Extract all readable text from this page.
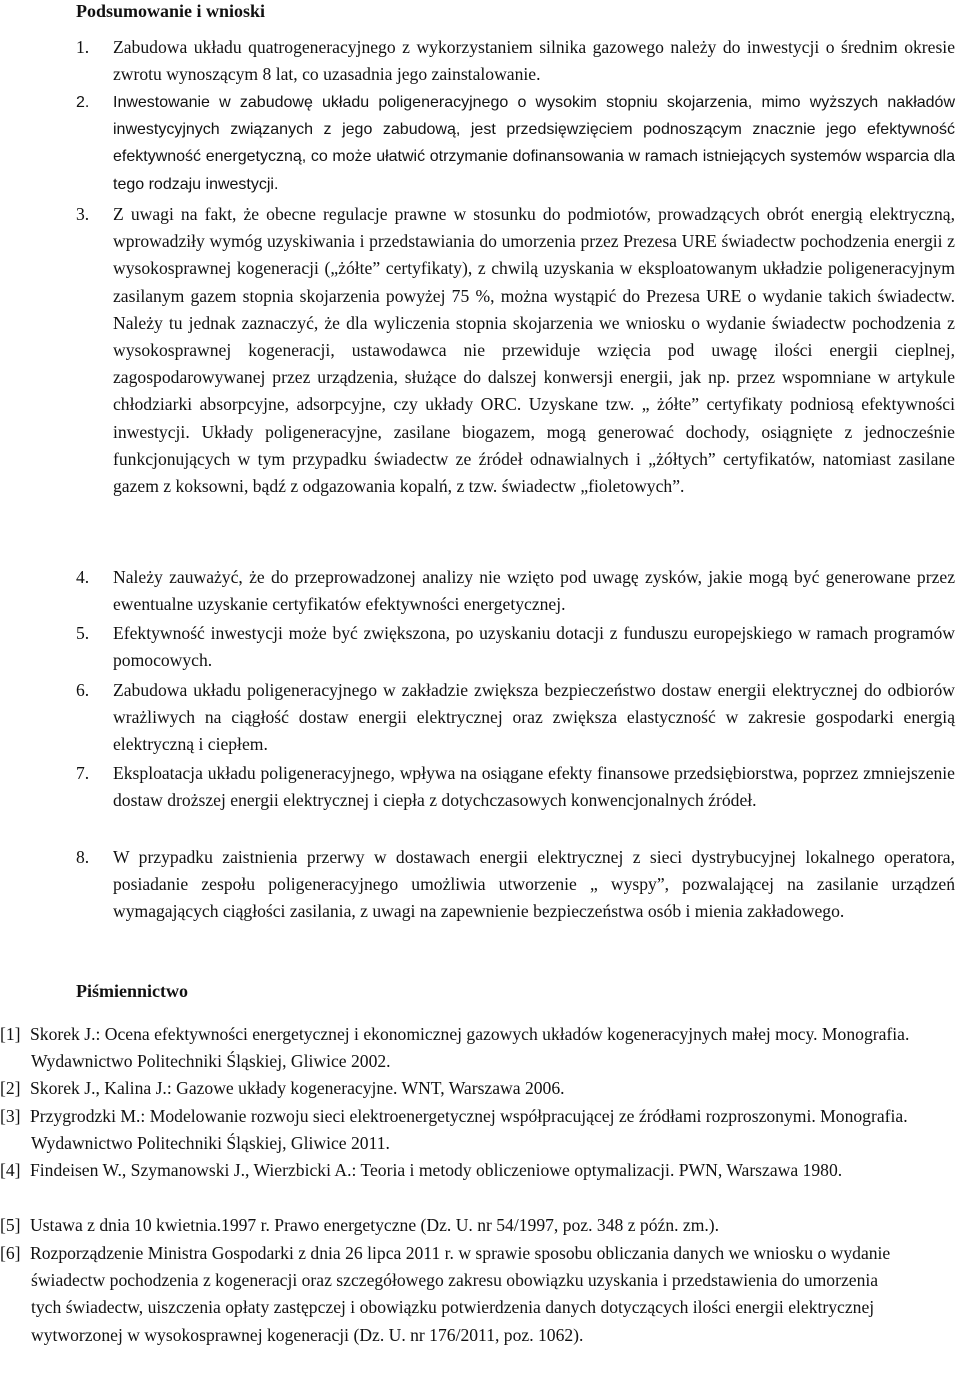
Podsumowanie i wnioski
1. Zabudowa układu quatrogeneracyjnego z wykorzystaniem silnika gazowego należy do inwestycji o średnim okresie zwrotu wynoszącym 8 lat, co uzasadnia jego zainstalowanie.
2. Inwestowanie w zabudowę układu poligeneracyjnego o wysokim stopniu skojarzenia, mimo wyższych nakładów inwestycyjnych związanych z jego zabudową, jest przedsięwzięciem podnoszącym znacznie jego efektywność efektywność energetyczną, co może ułatwić otrzymanie dofinansowania w ramach istniejących systemów wsparcia dla tego rodzaju inwestycji.
3. Z uwagi na fakt, że obecne regulacje prawne w stosunku do podmiotów, prowadzących obrót energią elektryczną, wprowadziły wymóg uzyskiwania i przedstawiania do umorzenia przez Prezesa URE świadectw pochodzenia energii z wysokosprawnej kogeneracji („żółte” certyfikaty), z chwilą uzyskania w eksploatowanym układzie poligeneracyjnym zasilanym gazem stopnia skojarzenia powyżej 75 %, można wystąpić do Prezesa URE o wydanie takich świadectw. Należy tu jednak zaznaczyć, że dla wyliczenia stopnia skojarzenia we wniosku o wydanie świadectw pochodzenia z wysokosprawnej kogeneracji, ustawodawca nie przewiduje wzięcia pod uwagę ilości energii cieplnej, zagospodarowywanej przez urządzenia, służące do dalszej konwersji energii, jak np. przez wspomniane w artykule chłodziarki absorpcyjne, adsorpcyjne, czy układy ORC. Uzyskane tzw. „ żółte” certyfikaty podniosą efektywności inwestycji. Układy poligeneracyjne, zasilane biogazem, mogą generować dochody, osiągnięte z jednocześnie funkcjonujących w tym przypadku świadectw ze źródeł odnawialnych i „żółtych” certyfikatów, natomiast zasilane gazem z koksowni, bądź z odgazowania kopalń, z tzw. świadectw „fioletowych”.
4. Należy zauważyć, że do przeprowadzonej analizy nie wzięto pod uwagę zysków, jakie mogą być generowane przez ewentualne uzyskanie certyfikatów efektywności energetycznej.
5. Efektywność inwestycji może być zwiększona, po uzyskaniu dotacji z funduszu europejskiego w ramach programów pomocowych.
6. Zabudowa układu poligeneracyjnego w zakładzie zwiększa bezpieczeństwo dostaw energii elektrycznej do odbiorów wrażliwych na ciągłość dostaw energii elektrycznej oraz zwiększa elastyczność w zakresie gospodarki energią elektryczną i ciepłem.
7. Eksploatacja układu poligeneracyjnego, wpływa na osiągane efekty finansowe przedsiębiorstwa, poprzez zmniejszenie dostaw droższej energii elektrycznej i ciepła z dotychczasowych konwencjonalnych źródeł.
8. W przypadku zaistnienia przerwy w dostawach energii elektrycznej z sieci dystrybucyjnej lokalnego operatora, posiadanie zespołu poligeneracyjnego umożliwia utworzenie „ wyspy”, pozwalającej na zasilanie urządzeń wymagających ciągłości zasilania, z uwagi na zapewnienie bezpieczeństwa osób i mienia zakładowego.
Piśmiennictwo
[1] Skorek J.: Ocena efektywności energetycznej i ekonomicznej gazowych układów kogeneracyjnych małej mocy. Monografia. Wydawnictwo Politechniki Śląskiej, Gliwice 2002.
[2] Skorek J., Kalina J.: Gazowe układy kogeneracyjne. WNT, Warszawa 2006.
[3] Przygrodzki M.: Modelowanie rozwoju sieci elektroenergetycznej współpracującej ze źródłami rozproszonymi. Monografia. Wydawnictwo Politechniki Śląskiej, Gliwice 2011.
[4] Findeisen W., Szymanowski J., Wierzbicki A.: Teoria i metody obliczeniowe optymalizacji. PWN, Warszawa 1980.
[5] Ustawa z dnia 10 kwietnia.1997 r. Prawo energetyczne (Dz. U. nr 54/1997, poz. 348 z późn. zm.).
[6] Rozporządzenie Ministra Gospodarki z dnia 26 lipca 2011 r. w sprawie sposobu obliczania danych we wniosku o wydanie świadectw pochodzenia z kogeneracji oraz szczegółowego zakresu obowiązku uzyskania i przedstawienia do umorzenia tych świadectw, uiszczenia opłaty zastępczej i obowiązku potwierdzenia danych dotyczących ilości energii elektrycznej wytworzonej w wysokosprawnej kogeneracji (Dz. U. nr 176/2011, poz. 1062).
